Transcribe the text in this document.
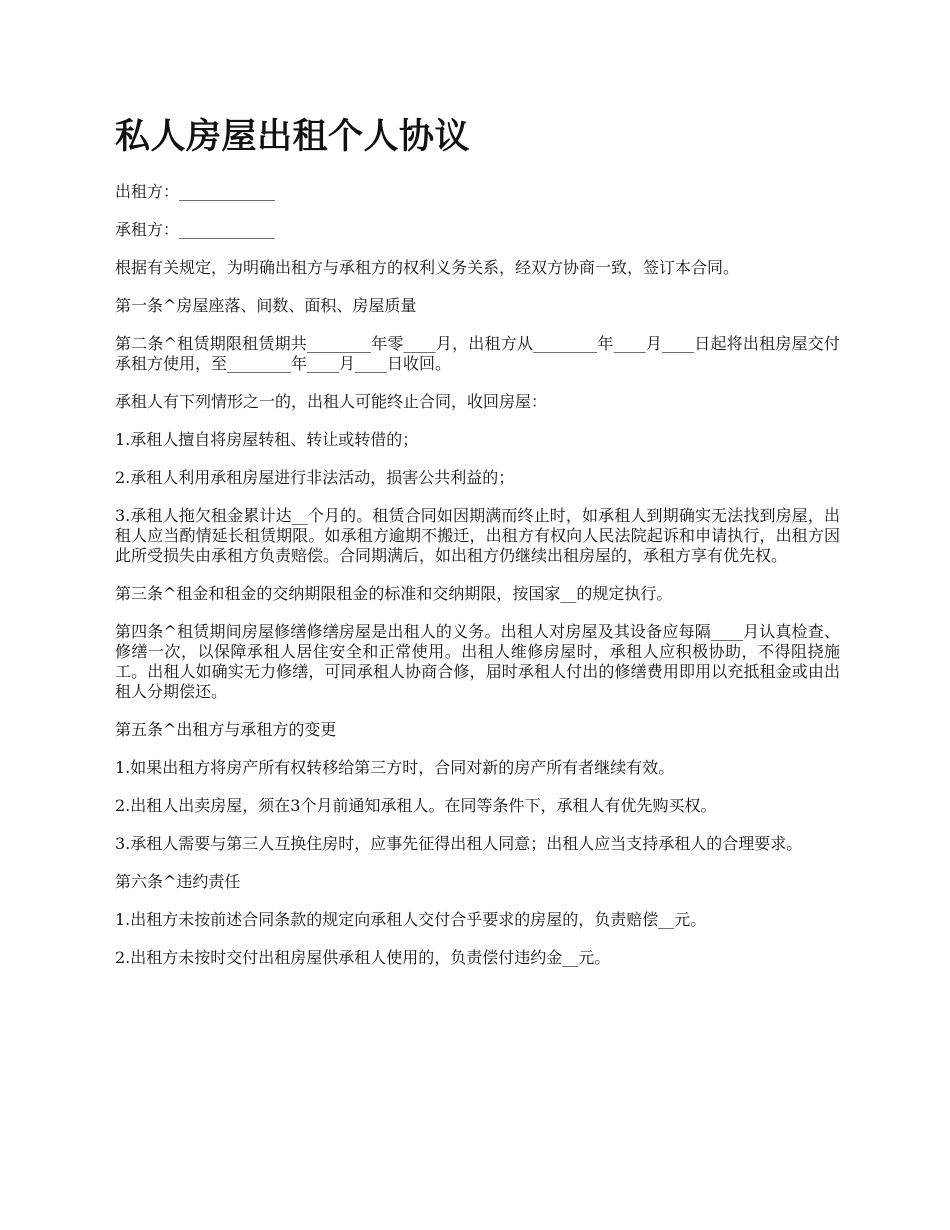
私人房屋出租个人协议

出租方：____________

承租方：____________

根据有关规定，为明确出租方与承租方的权利义务关系，经双方协商一致，签订本合同。

第一条^房屋座落、间数、面积、房屋质量

第二条^租赁期限租赁期共________年零____月，出租方从________年____月____日起将出租房屋交付承租方使用，至________年____月____日收回。

承租人有下列情形之一的，出租人可能终止合同，收回房屋：

1.承租人擅自将房屋转租、转让或转借的；

2.承租人利用承租房屋进行非法活动，损害公共利益的；

3.承租人拖欠租金累计达__个月的。租赁合同如因期满而终止时，如承租人到期确实无法找到房屋，出租人应当酌情延长租赁期限。如承租方逾期不搬迁，出租方有权向人民法院起诉和申请执行，出租方因此所受损失由承租方负责赔偿。合同期满后，如出租方仍继续出租房屋的，承租方享有优先权。

第三条^租金和租金的交纳期限租金的标准和交纳期限，按国家__的规定执行。

第四条^租赁期间房屋修缮修缮房屋是出租人的义务。出租人对房屋及其设备应每隔____月认真检查、修缮一次，以保障承租人居住安全和正常使用。出租人维修房屋时，承租人应积极协助，不得阻挠施工。出租人如确实无力修缮，可同承租人协商合修，届时承租人付出的修缮费用即用以充抵租金或由出租人分期偿还。

第五条^出租方与承租方的变更

1.如果出租方将房产所有权转移给第三方时，合同对新的房产所有者继续有效。

2.出租人出卖房屋，须在3个月前通知承租人。在同等条件下，承租人有优先购买权。

3.承租人需要与第三人互换住房时，应事先征得出租人同意；出租人应当支持承租人的合理要求。

第六条^违约责任

1.出租方未按前述合同条款的规定向承租人交付合乎要求的房屋的，负责赔偿__元。

2.出租方未按时交付出租房屋供承租人使用的，负责偿付违约金__元。
